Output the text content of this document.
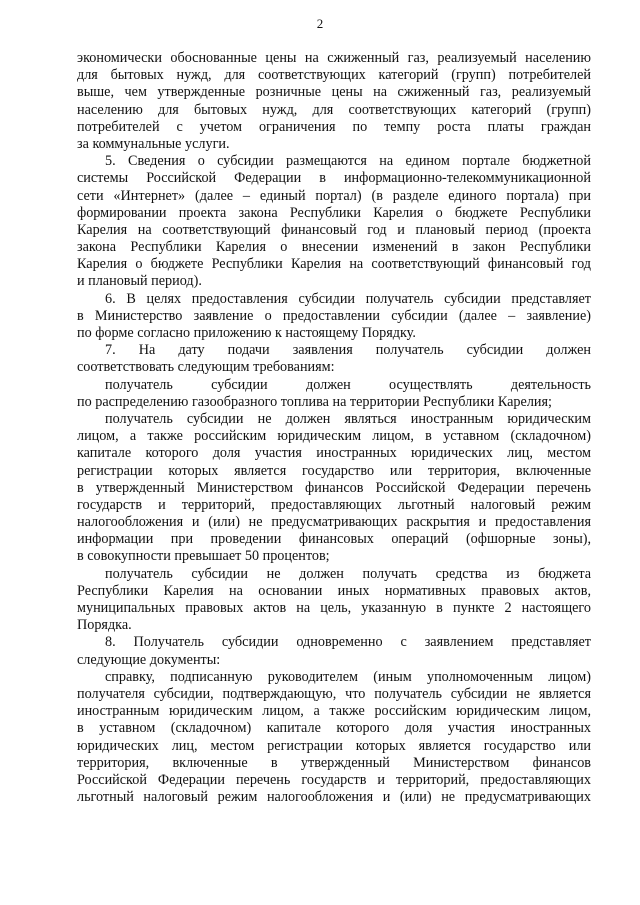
2
экономически обоснованные цены на сжиженный газ, реализуемый населению
для бытовых нужд, для соответствующих категорий (групп) потребителей
выше, чем утвержденные розничные цены на сжиженный газ, реализуемый
населению для бытовых нужд, для соответствующих категорий (групп)
потребителей с учетом ограничения по темпу роста платы граждан
за коммунальные услуги.
5. Сведения о субсидии размещаются на едином портале бюджетной
системы Российской Федерации в информационно-телекоммуникационной
сети «Интернет» (далее – единый портал) (в разделе единого портала) при
формировании проекта закона Республики Карелия о бюджете Республики
Карелия на соответствующий финансовый год и плановый период (проекта
закона Республики Карелия о внесении изменений в закон Республики
Карелия о бюджете Республики Карелия на соответствующий финансовый год
и плановый период).
6. В целях предоставления субсидии получатель субсидии представляет
в Министерство заявление о предоставлении субсидии (далее – заявление)
по форме согласно приложению к настоящему Порядку.
7. На дату подачи заявления получатель субсидии должен
соответствовать следующим требованиям:
получатель субсидии должен осуществлять деятельность
по распределению газообразного топлива на территории Республики Карелия;
получатель субсидии не должен являться иностранным юридическим
лицом, а также российским юридическим лицом, в уставном (складочном)
капитале которого доля участия иностранных юридических лиц, местом
регистрации которых является государство или территория, включенные
в утвержденный Министерством финансов Российской Федерации перечень
государств и территорий, предоставляющих льготный налоговый режим
налогообложения и (или) не предусматривающих раскрытия и предоставления
информации при проведении финансовых операций (офшорные зоны),
в совокупности превышает 50 процентов;
получатель субсидии не должен получать средства из бюджета
Республики Карелия на основании иных нормативных правовых актов,
муниципальных правовых актов на цель, указанную в пункте 2 настоящего
Порядка.
8. Получатель субсидии одновременно с заявлением представляет
следующие документы:
справку, подписанную руководителем (иным уполномоченным лицом)
получателя субсидии, подтверждающую, что получатель субсидии не является
иностранным юридическим лицом, а также российским юридическим лицом,
в уставном (складочном) капитале которого доля участия иностранных
юридических лиц, местом регистрации которых является государство или
территория, включенные в утвержденный Министерством финансов
Российской Федерации перечень государств и территорий, предоставляющих
льготный налоговый режим налогообложения и (или) не предусматривающих
